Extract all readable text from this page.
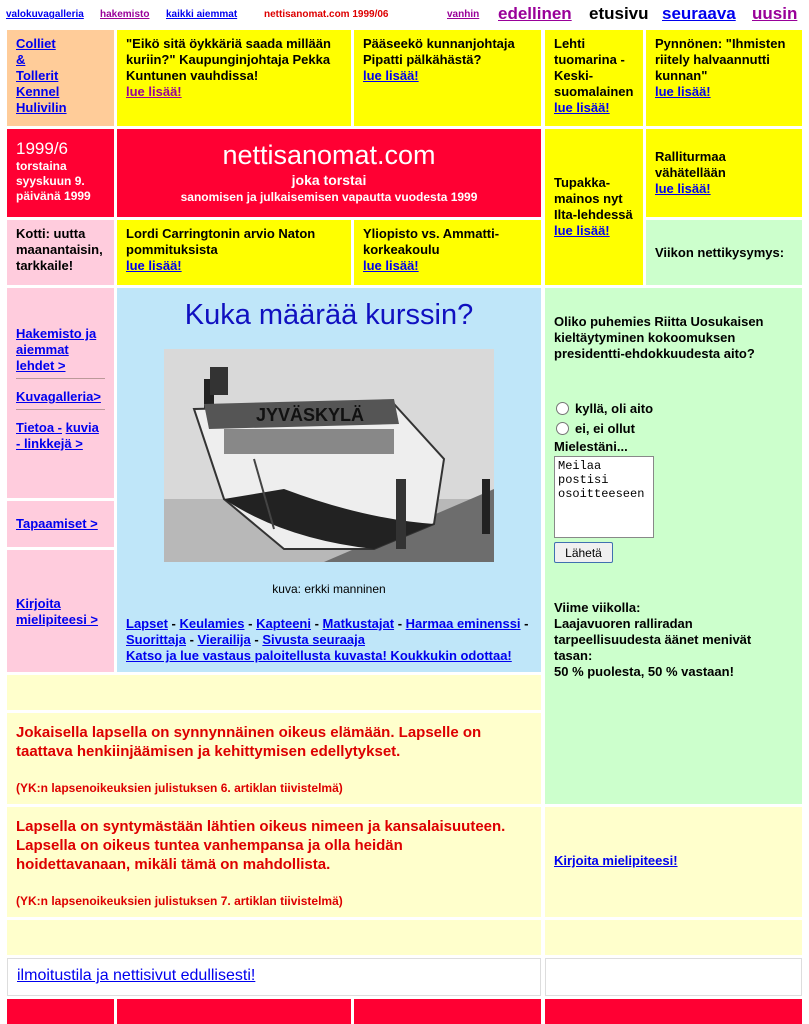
valokuvagalleria hakemisto kaikki aiemmat	nettisanomat.com 1999/06	vanhin edellinen etusivu seuraava uusin
Colliet
&
Tollerit
Kennel
Hulivilin
"Eikö sitä öykkäriä saada millään kuriin?" Kaupunginjohtaja Pekka Kuntunen vauhdissa!
lue lisää!
Pääseekö kunnanjohtaja Pipatti pälkähästä?
lue lisää!
Lehti tuomarina - Keski-suomalainen
lue lisää!
Pynnönen: "Ihmisten riitely halvaannutti kunnan"
lue lisää!
1999/6
torstaina
syyskuun 9.
päivänä 1999
nettisanomat.com
joka torstai
sanomisen ja julkaisemisen vapautta vuodesta 1999
Tupakka-mainos nyt Ilta-lehdessä
lue lisää!
Ralliturmaa vähätellään
lue lisää!
Kotti: uutta maanantaisin, tarkkaile!
Lordi Carringtonin arvio Naton pommituksista
lue lisää!
Yliopisto vs. Ammatti-korkeakoulu
lue lisää!
Viikon nettikysymys:
Hakemisto ja aiemmat lehdet >
Kuvagalleria>
Tietoa - kuvia - linkkejä >
Tapaamiset >
Kirjoita mielipiteesi >
Kuka määrää kurssin?
kuva: erkki manninen
Lapset - Keulamies - Kapteeni - Matkustajat - Harmaa eminenssi - Suorittaja - Vierailija - Sivusta seuraaja
Katso ja lue vastaus paloitellusta kuvasta! Koukkukin odottaa!
JYVÄSKYLÄ
Oliko puhemies Riitta Uosukaisen kieltäytyminen kokoomuksen presidentti-ehdokkuudesta aito?
kyllä, oli aito
ei, ei ollut
Mielestäni...
Meilaa postisi osoitteeseen
Lähetä
Viime viikolla:
Laajavuoren ralliradan tarpeellisuudesta äänet menivät tasan:
50 % puolesta, 50 % vastaan!
Jokaisella lapsella on synnynnäinen oikeus elämään. Lapselle on taattava henkiinjäämisen ja kehittymisen edellytykset.
(YK:n lapsenoikeuksien julistuksen 6. artiklan tiivistelmä)
Lapsella on syntymästään lähtien oikeus nimeen ja kansalaisuuteen. Lapsella on oikeus tuntea vanhempansa ja olla heidän hoidettavanaan, mikäli tämä on mahdollista.
(YK:n lapsenoikeuksien julistuksen 7. artiklan tiivistelmä)
Kirjoita mielipiteesi!
ilmoitustila ja nettisivut edullisesti!
